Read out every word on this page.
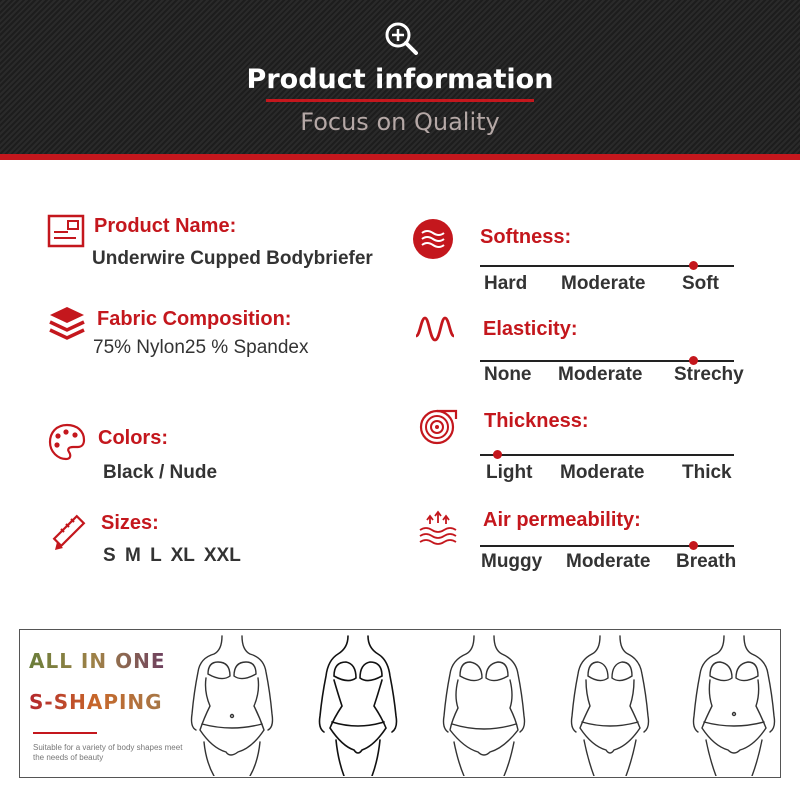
Product information
Focus on Quality
Product Name:
Underwire Cupped Bodybriefer
Fabric Composition:
75% Nylon25 % Spandex
Colors:
Black / Nude
Sizes:
S M L XL XXL
Softness:
Hard Moderate Soft
Elasticity:
None Moderate Strechy
Thickness:
Light Moderate Thick
Air permeability:
Muggy Moderate Breath
ALL IN ONE
S-SHAPING
Suitable for a variety of body shapes meet the needs of beauty
